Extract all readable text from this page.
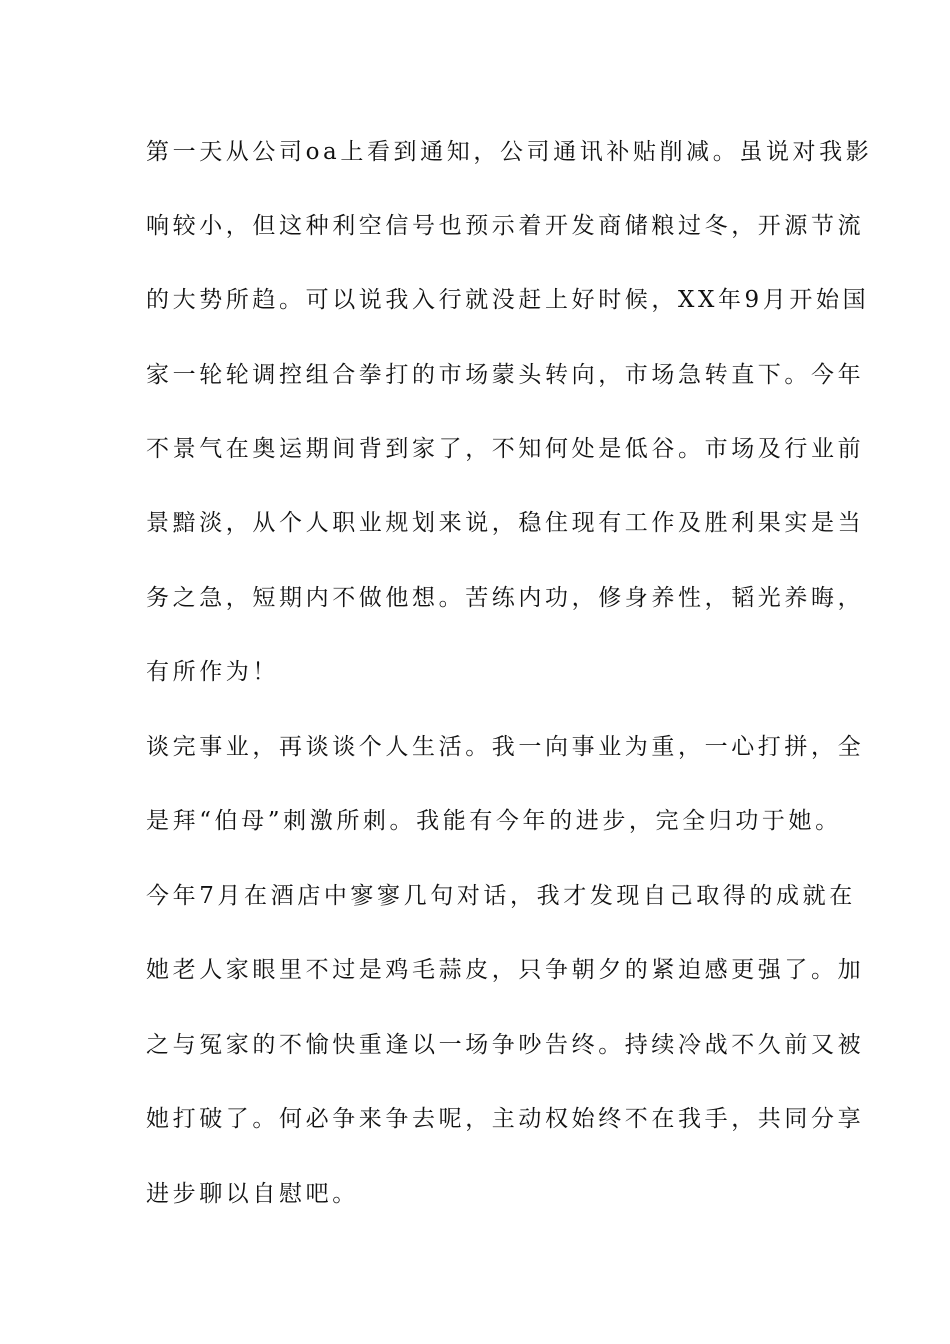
第一天从公司oa上看到通知，公司通讯补贴削减。虽说对我影
响较小，但这种利空信号也预示着开发商储粮过冬，开源节流
的大势所趋。可以说我入行就没赶上好时候，XX年9月开始国
家一轮轮调控组合拳打的市场蒙头转向，市场急转直下。今年
不景气在奥运期间背到家了，不知何处是低谷。市场及行业前
景黯淡，从个人职业规划来说，稳住现有工作及胜利果实是当
务之急，短期内不做他想。苦练内功，修身养性，韬光养晦，
有所作为！
谈完事业，再谈谈个人生活。我一向事业为重，一心打拼，全
是拜“伯母”刺激所刺。我能有今年的进步，完全归功于她。
今年7月在酒店中寥寥几句对话，我才发现自己取得的成就在
她老人家眼里不过是鸡毛蒜皮，只争朝夕的紧迫感更强了。加
之与冤家的不愉快重逢以一场争吵告终。持续冷战不久前又被
她打破了。何必争来争去呢，主动权始终不在我手，共同分享
进步聊以自慰吧。
